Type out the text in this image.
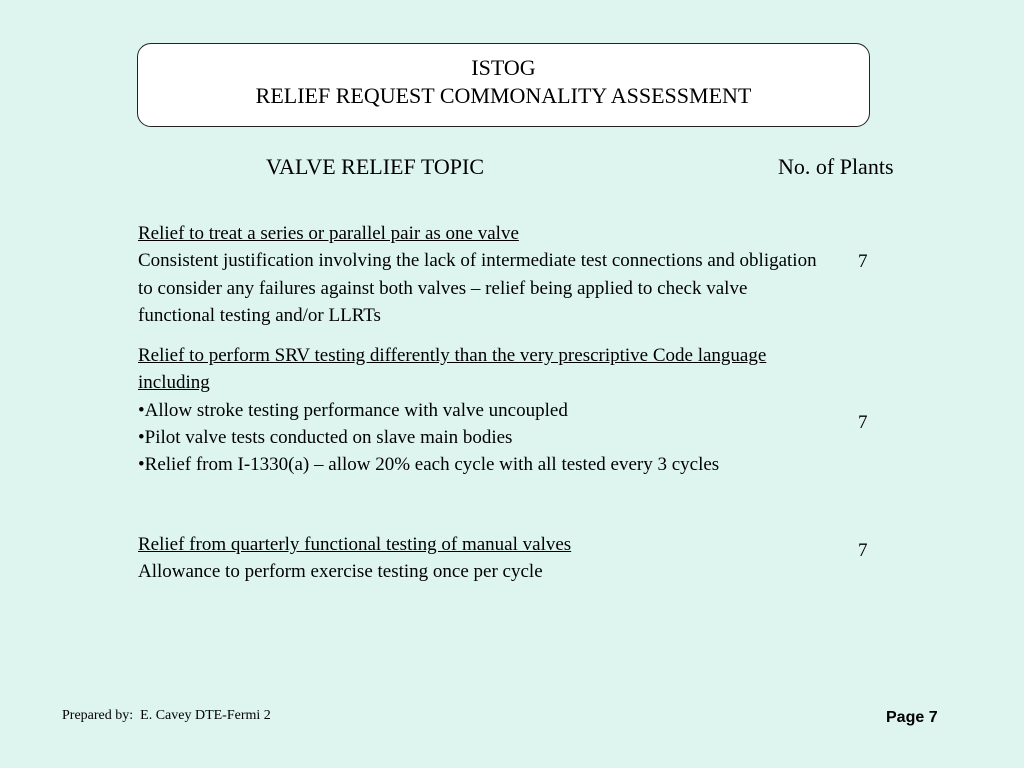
ISTOG
RELIEF REQUEST COMMONALITY ASSESSMENT
VALVE RELIEF TOPIC	No. of Plants
Relief to treat a series or parallel pair as one valve
Consistent justification involving the lack of intermediate test connections and obligation to consider any failures against both valves – relief being applied to check valve functional testing and/or LLRTs
7
Relief to perform SRV testing differently than the very prescriptive Code language including
•Allow stroke testing performance with valve uncoupled
•Pilot valve tests conducted on slave main bodies
•Relief from I-1330(a) – allow 20% each cycle with all tested every 3 cycles
7
Relief from quarterly functional testing of manual valves
Allowance to perform exercise testing once per cycle
7
Prepared by:  E. Cavey DTE-Fermi 2	Page 7
